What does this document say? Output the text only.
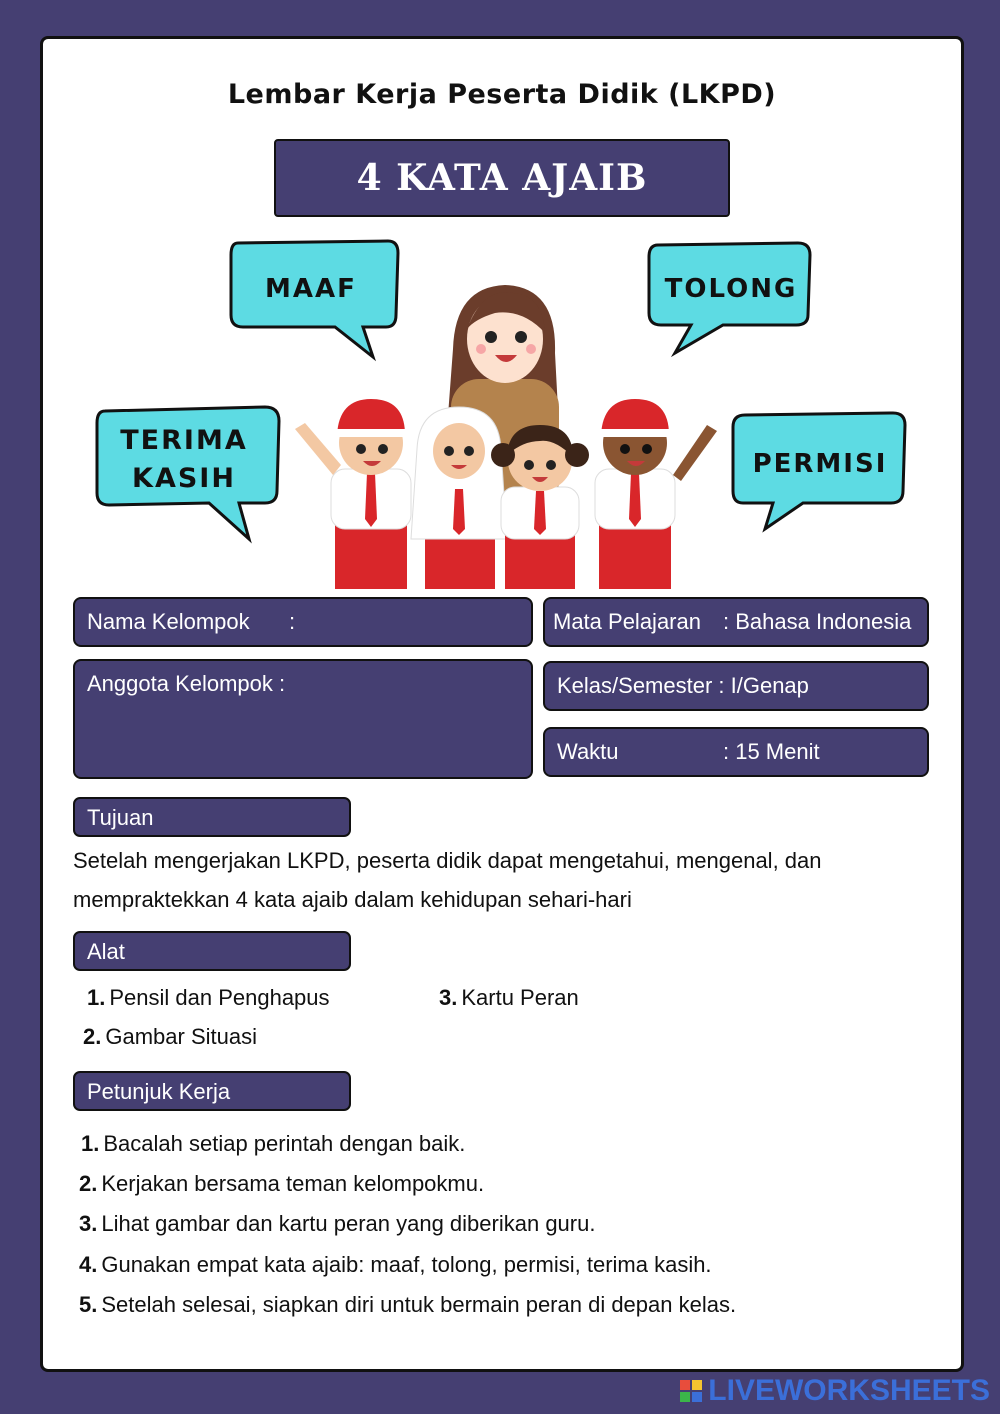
Lembar Kerja Peserta Didik (LKPD)
4 KATA AJAIB
MAAF	TOLONG
TERIMA
KASIH	PERMISI
Nama Kelompok :
Anggota Kelompok :
Mata Pelajaran : Bahasa Indonesia
Kelas/Semester : I/Genap
Waktu	: 15 Menit
Tujuan
Setelah mengerjakan LKPD, peserta didik dapat mengetahui, mengenal, dan
mempraktekkan 4 kata ajaib dalam kehidupan sehari-hari
Alat
1. Pensil dan Penghapus
2. Gambar Situasi
3. Kartu Peran
Petunjuk Kerja
1. Bacalah setiap perintah dengan baik.
2. Kerjakan bersama teman kelompokmu.
3. Lihat gambar dan kartu peran yang diberikan guru.
4. Gunakan empat kata ajaib: maaf, tolong, permisi, terima kasih.
5. Setelah selesai, siapkan diri untuk bermain peran di depan kelas.
LIVEWORKSHEETS
